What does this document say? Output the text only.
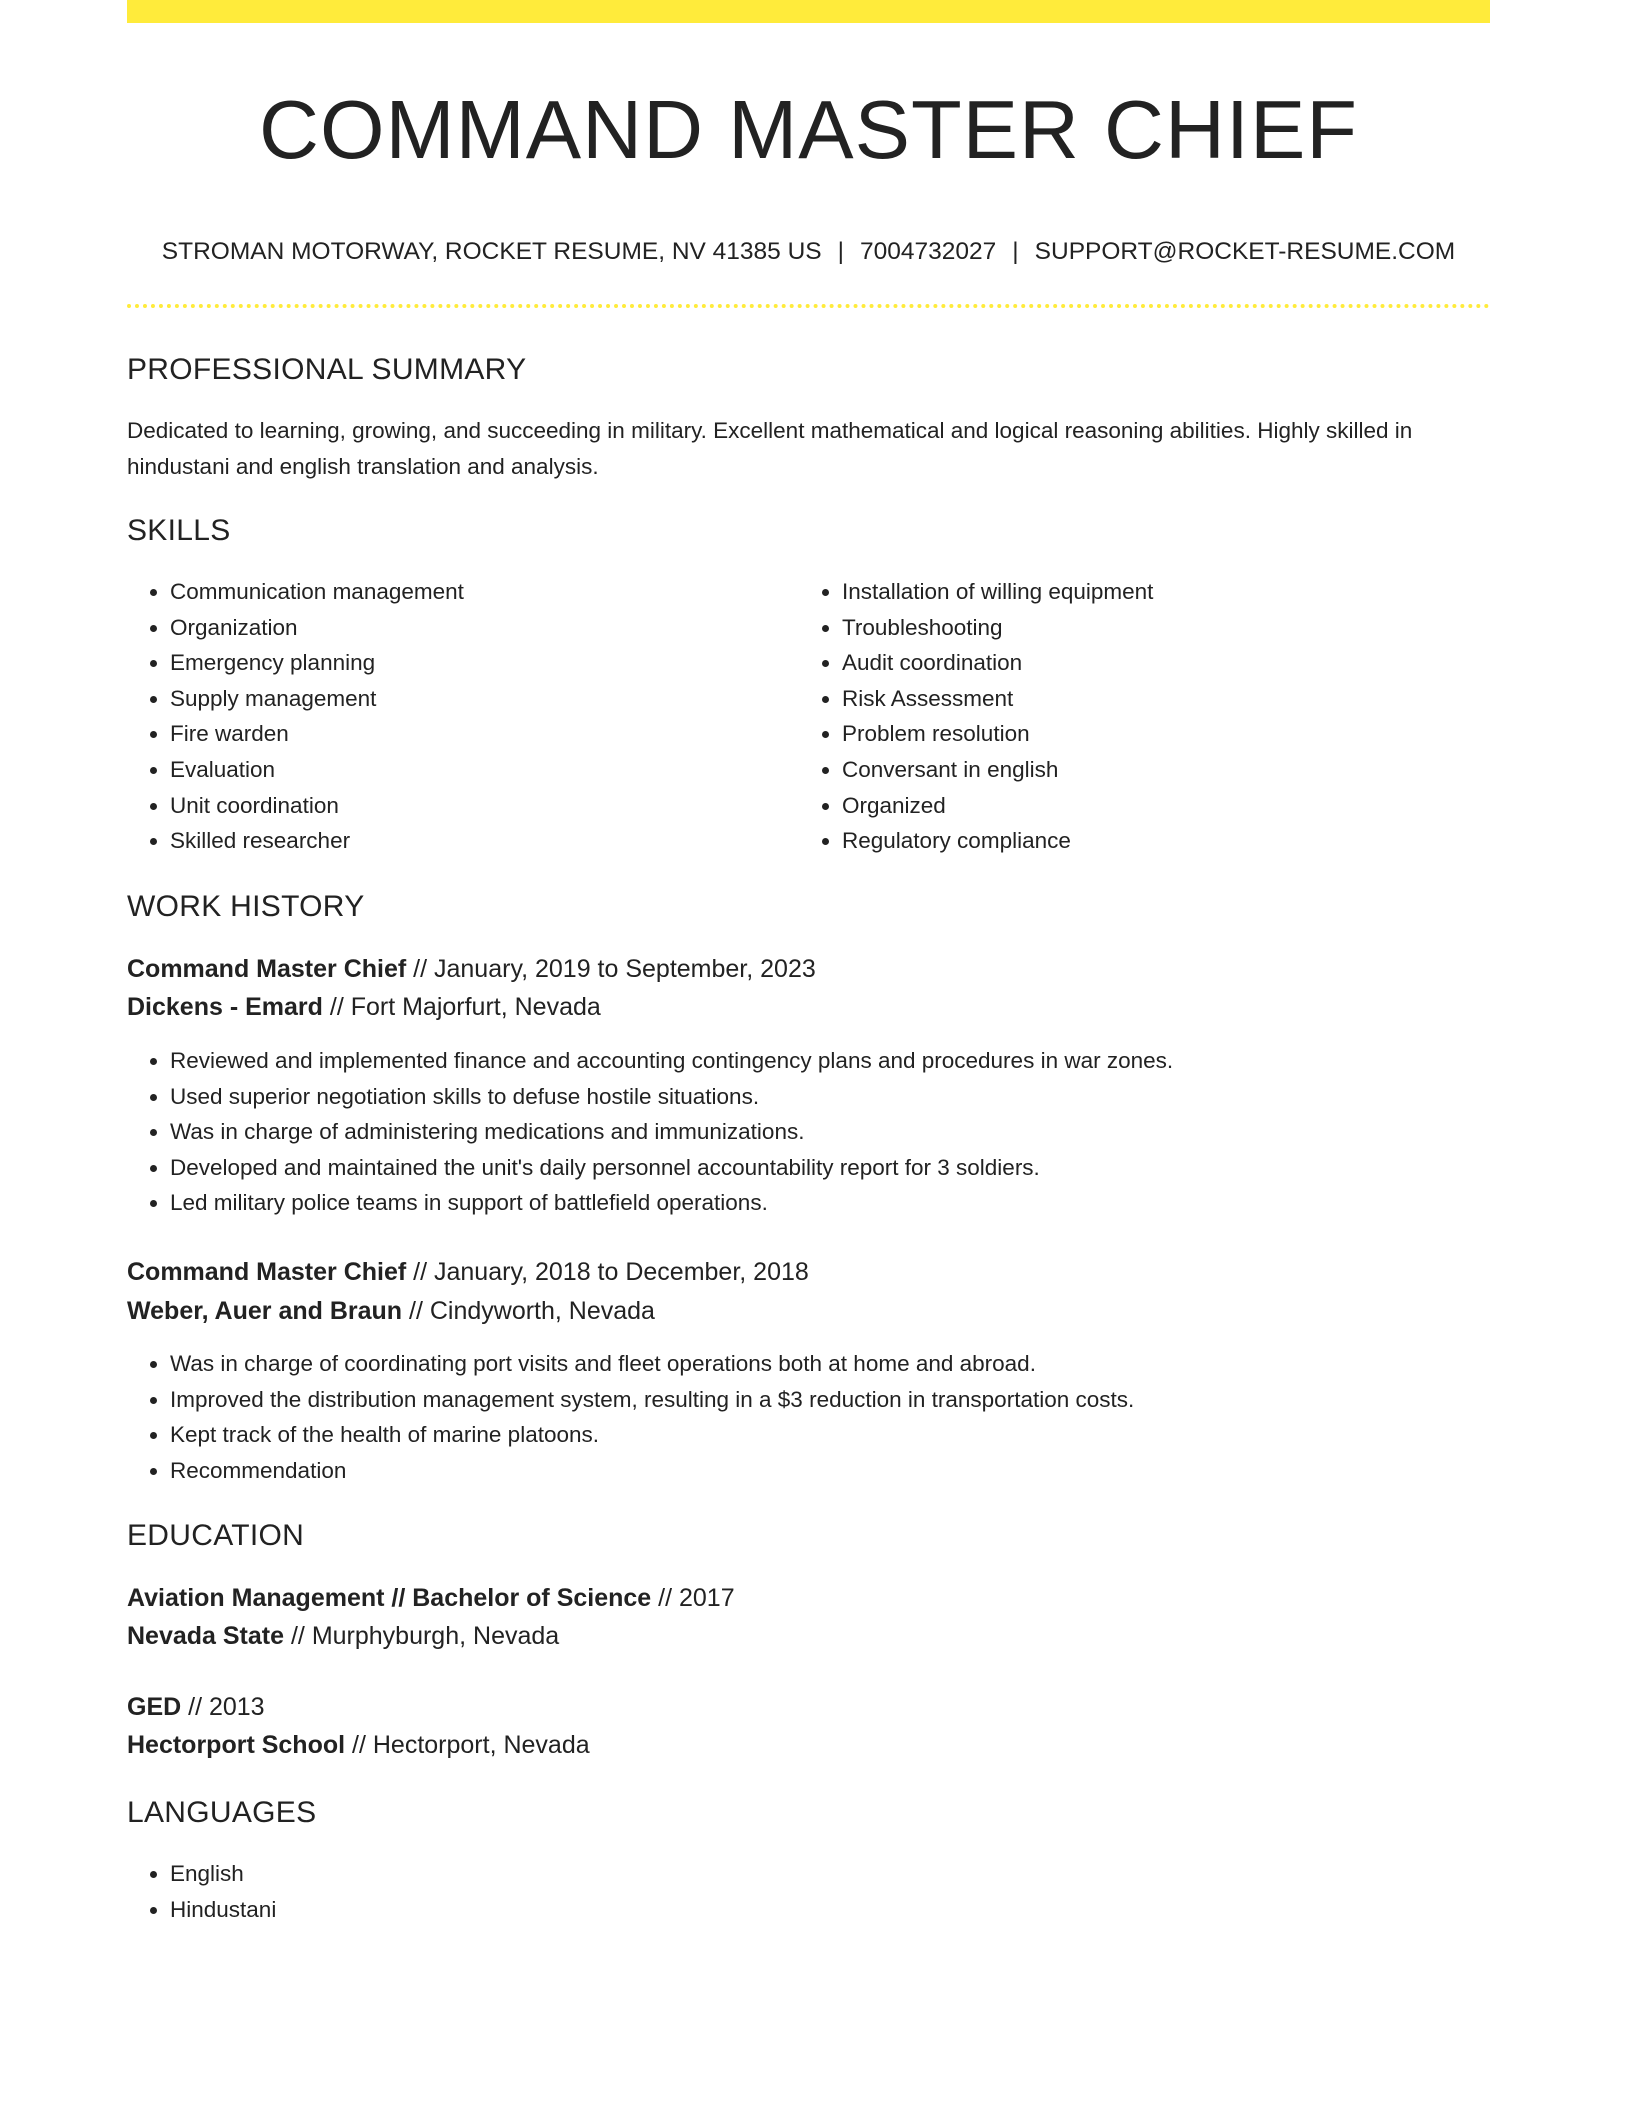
COMMAND MASTER CHIEF
STROMAN MOTORWAY, ROCKET RESUME, NV 41385 US | 7004732027 | SUPPORT@ROCKET-RESUME.COM
PROFESSIONAL SUMMARY
Dedicated to learning, growing, and succeeding in military. Excellent mathematical and logical reasoning abilities. Highly skilled in hindustani and english translation and analysis.
SKILLS
• Communication management
• Organization
• Emergency planning
• Supply management
• Fire warden
• Evaluation
• Unit coordination
• Skilled researcher
• Installation of willing equipment
• Troubleshooting
• Audit coordination
• Risk Assessment
• Problem resolution
• Conversant in english
• Organized
• Regulatory compliance
WORK HISTORY
Command Master Chief // January, 2019 to September, 2023
Dickens - Emard // Fort Majorfurt, Nevada
• Reviewed and implemented finance and accounting contingency plans and procedures in war zones.
• Used superior negotiation skills to defuse hostile situations.
• Was in charge of administering medications and immunizations.
• Developed and maintained the unit's daily personnel accountability report for 3 soldiers.
• Led military police teams in support of battlefield operations.
Command Master Chief // January, 2018 to December, 2018
Weber, Auer and Braun // Cindyworth, Nevada
• Was in charge of coordinating port visits and fleet operations both at home and abroad.
• Improved the distribution management system, resulting in a $3 reduction in transportation costs.
• Kept track of the health of marine platoons.
• Recommendation
EDUCATION
Aviation Management // Bachelor of Science // 2017
Nevada State // Murphyburgh, Nevada
GED // 2013
Hectorport School // Hectorport, Nevada
LANGUAGES
• English
• Hindustani
